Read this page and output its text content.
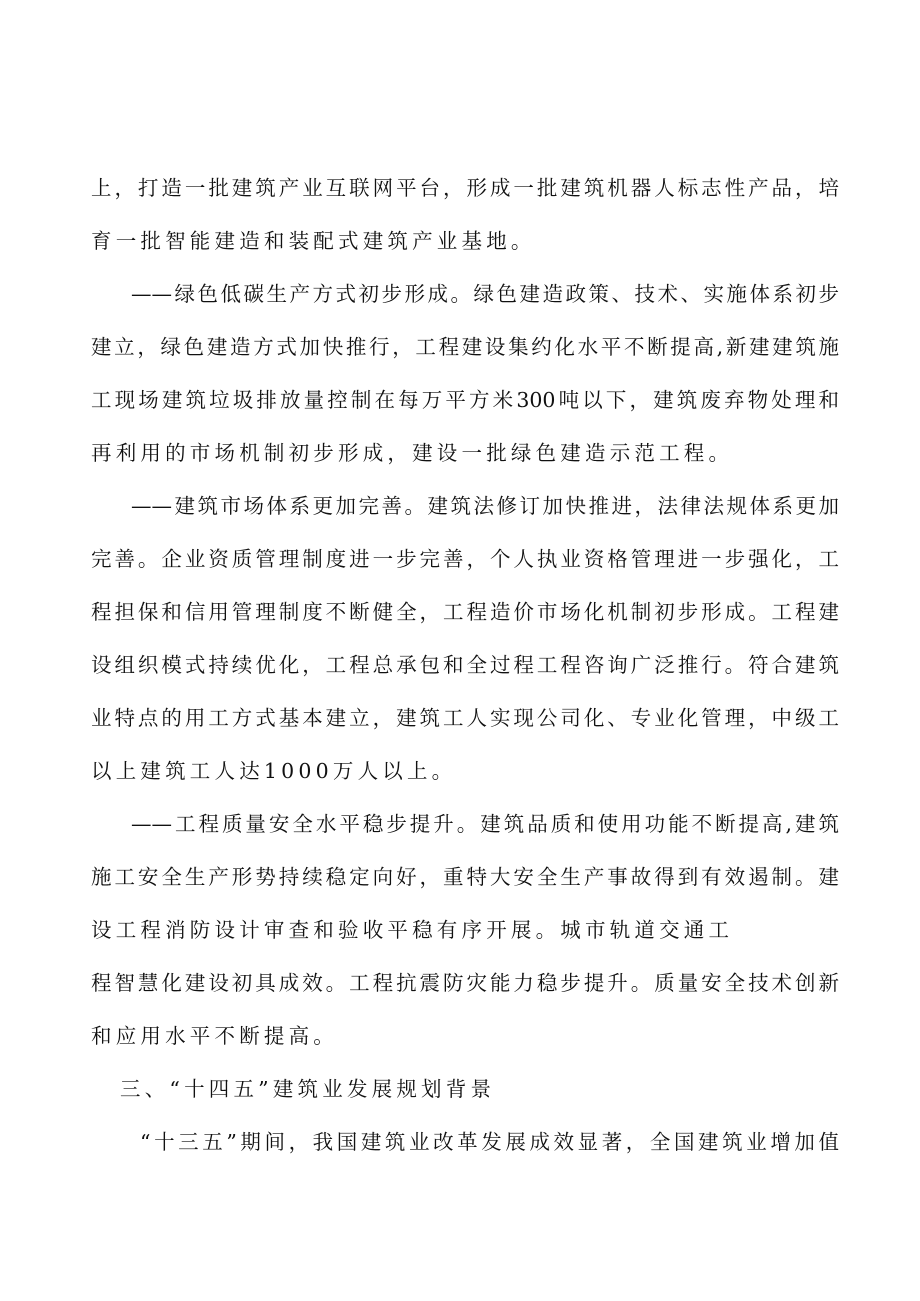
上，打造一批建筑产业互联网平台，形成一批建筑机器人标志性产品，培
育一批智能建造和装配式建筑产业基地。
——绿色低碳生产方式初步形成。绿色建造政策、技术、实施体系初步
建立，绿色建造方式加快推行，工程建设集约化水平不断提高,新建建筑施
工现场建筑垃圾排放量控制在每万平方米300吨以下，建筑废弃物处理和
再利用的市场机制初步形成，建设一批绿色建造示范工程。
——建筑市场体系更加完善。建筑法修订加快推进，法律法规体系更加
完善。企业资质管理制度进一步完善，个人执业资格管理进一步强化，工
程担保和信用管理制度不断健全，工程造价市场化机制初步形成。工程建
设组织模式持续优化，工程总承包和全过程工程咨询广泛推行。符合建筑
业特点的用工方式基本建立，建筑工人实现公司化、专业化管理，中级工
以上建筑工人达1000万人以上。
——工程质量安全水平稳步提升。建筑品质和使用功能不断提高,建筑
施工安全生产形势持续稳定向好，重特大安全生产事故得到有效遏制。建
设工程消防设计审查和验收平稳有序开展。城市轨道交通工
程智慧化建设初具成效。工程抗震防灾能力稳步提升。质量安全技术创新
和应用水平不断提高。
三、“十四五”建筑业发展规划背景
“十三五”期间，我国建筑业改革发展成效显著，全国建筑业增加值
